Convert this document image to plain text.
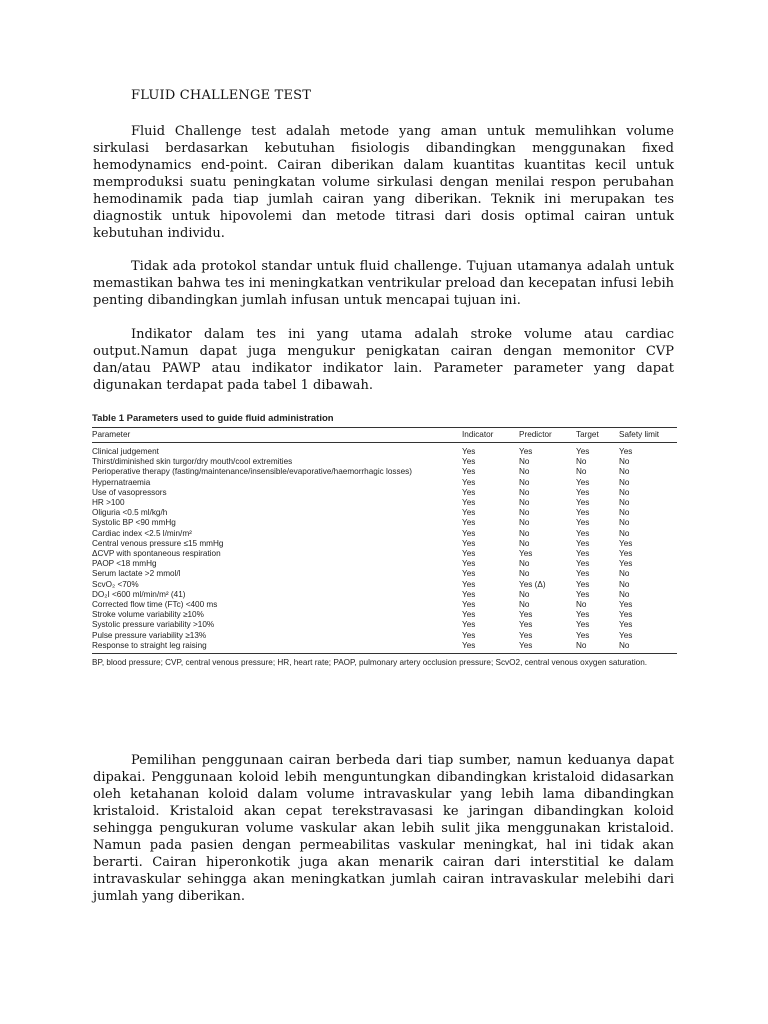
FLUID CHALLENGE TEST

Fluid Challenge test adalah metode yang aman untuk memulihkan volume sirkulasi berdasarkan kebutuhan fisiologis dibandingkan menggunakan fixed hemodynamics end-point. Cairan diberikan dalam kuantitas kuantitas kecil untuk memproduksi suatu peningkatan volume sirkulasi dengan menilai respon perubahan hemodinamik pada tiap jumlah cairan yang diberikan. Teknik ini merupakan tes diagnostik untuk hipovolemi dan metode titrasi dari dosis optimal cairan untuk kebutuhan individu.

Tidak ada protokol standar untuk fluid challenge. Tujuan utamanya adalah untuk memastikan bahwa tes ini meningkatkan ventrikular preload dan kecepatan infusi lebih penting dibandingkan jumlah infusan untuk mencapai tujuan ini.

Indikator dalam tes ini yang utama adalah stroke volume atau cardiac output.Namun dapat juga mengukur penigkatan cairan dengan memonitor CVP dan/atau PAWP atau indikator indikator lain. Parameter parameter yang dapat digunakan terdapat pada tabel 1 dibawah.

Table 1 Parameters used to guide fluid administration
Parameter	Indicator	Predictor	Target	Safety limit
Clinical judgement	Yes	Yes	Yes	Yes
Thirst/diminished skin turgor/dry mouth/cool extremities	Yes	No	No	No
Perioperative therapy (fasting/maintenance/insensible/evaporative/haemorrhagic losses)	Yes	No	No	No
Hypernatraemia	Yes	No	Yes	No
Use of vasopressors	Yes	No	Yes	No
HR >100	Yes	No	Yes	No
Oliguria <0.5 ml/kg/h	Yes	No	Yes	No
Systolic BP <90 mmHg	Yes	No	Yes	No
Cardiac index <2.5 l/min/m²	Yes	No	Yes	No
Central venous pressure ≤15 mmHg	Yes	No	Yes	Yes
ΔCVP with spontaneous respiration	Yes	Yes	Yes	Yes
PAOP <18 mmHg	Yes	No	Yes	Yes
Serum lactate >2 mmol/l	Yes	No	Yes	No
ScvO₂ <70%	Yes	Yes (Δ)	Yes	No
DO₂I <600 ml/min/m² (41)	Yes	No	Yes	No
Corrected flow time (FTc) <400 ms	Yes	No	No	Yes
Stroke volume variability ≥10%	Yes	Yes	Yes	Yes
Systolic pressure variability >10%	Yes	Yes	Yes	Yes
Pulse pressure variability ≥13%	Yes	Yes	Yes	Yes
Response to straight leg raising	Yes	Yes	No	No
BP, blood pressure; CVP, central venous pressure; HR, heart rate; PAOP, pulmonary artery occlusion pressure; ScvO2, central venous oxygen saturation.

Pemilihan penggunaan cairan berbeda dari tiap sumber, namun keduanya dapat dipakai. Penggunaan koloid lebih menguntungkan dibandingkan kristaloid didasarkan oleh ketahanan koloid dalam volume intravaskular yang lebih lama dibandingkan kristaloid. Kristaloid akan cepat terekstravasasi ke jaringan dibandingkan koloid sehingga pengukuran volume vaskular akan lebih sulit jika menggunakan kristaloid. Namun pada pasien dengan permeabilitas vaskular meningkat, hal ini tidak akan berarti. Cairan hiperonkotik juga akan menarik cairan dari interstitial ke dalam intravaskular sehingga akan meningkatkan jumlah cairan intravaskular melebihi dari jumlah yang diberikan.
